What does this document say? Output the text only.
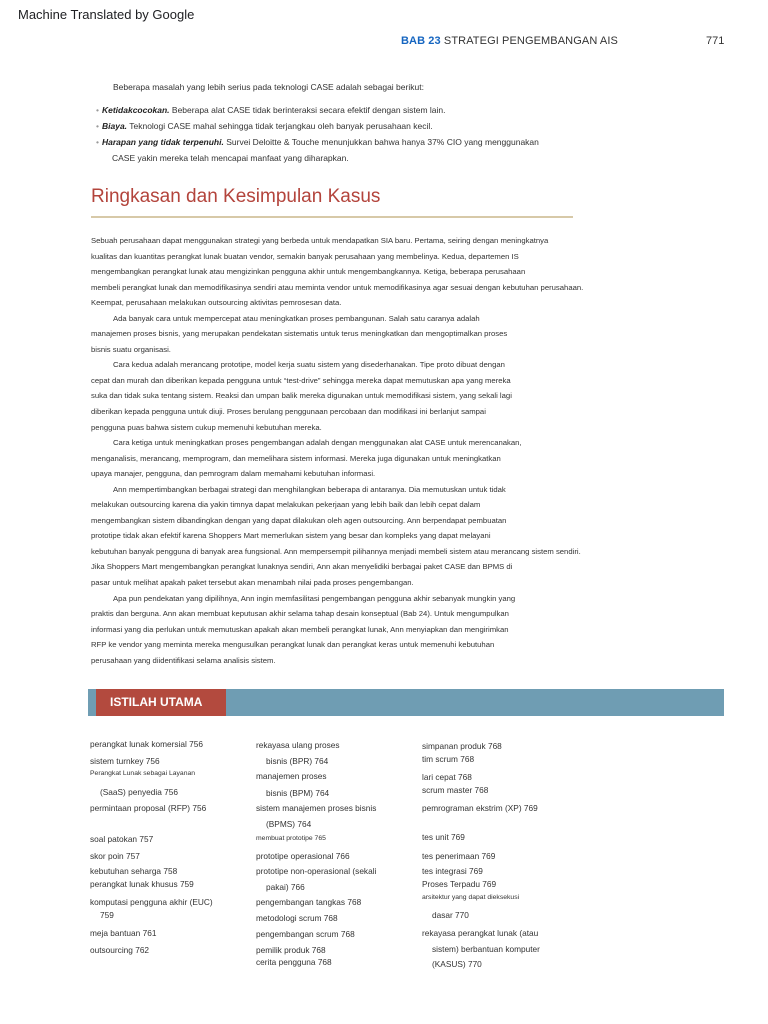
Machine Translated by Google
BAB 23 STRATEGI PENGEMBANGAN AIS	771
Beberapa masalah yang lebih serius pada teknologi CASE adalah sebagai berikut:
• Ketidakcocokan. Beberapa alat CASE tidak berinteraksi secara efektif dengan sistem lain.
• Biaya. Teknologi CASE mahal sehingga tidak terjangkau oleh banyak perusahaan kecil.
• Harapan yang tidak terpenuhi. Survei Deloitte & Touche menunjukkan bahwa hanya 37% CIO yang menggunakan
CASE yakin mereka telah mencapai manfaat yang diharapkan.
Ringkasan dan Kesimpulan Kasus

Sebuah perusahaan dapat menggunakan strategi yang berbeda untuk mendapatkan SIA baru. Pertama, seiring dengan meningkatnya

kualitas dan kuantitas perangkat lunak buatan vendor, semakin banyak perusahaan yang membelinya. Kedua, departemen IS

mengembangkan perangkat lunak atau mengizinkan pengguna akhir untuk mengembangkannya. Ketiga, beberapa perusahaan

membeli perangkat lunak dan memodifikasinya sendiri atau meminta vendor untuk memodifikasinya agar sesuai dengan kebutuhan perusahaan.

Keempat, perusahaan melakukan outsourcing aktivitas pemrosesan data.

Ada banyak cara untuk mempercepat atau meningkatkan proses pembangunan. Salah satu caranya adalah

manajemen proses bisnis, yang merupakan pendekatan sistematis untuk terus meningkatkan dan mengoptimalkan proses

bisnis suatu organisasi.

Cara kedua adalah merancang prototipe, model kerja suatu sistem yang disederhanakan. Tipe proto dibuat dengan

cepat dan murah dan diberikan kepada pengguna untuk “test-drive” sehingga mereka dapat memutuskan apa yang mereka

suka dan tidak suka tentang sistem. Reaksi dan umpan balik mereka digunakan untuk memodifikasi sistem, yang sekali lagi

diberikan kepada pengguna untuk diuji. Proses berulang penggunaan percobaan dan modifikasi ini berlanjut sampai

pengguna puas bahwa sistem cukup memenuhi kebutuhan mereka.

Cara ketiga untuk meningkatkan proses pengembangan adalah dengan menggunakan alat CASE untuk merencanakan,

menganalisis, merancang, memprogram, dan memelihara sistem informasi. Mereka juga digunakan untuk meningkatkan

upaya manajer, pengguna, dan pemrogram dalam memahami kebutuhan informasi.

Ann mempertimbangkan berbagai strategi dan menghilangkan beberapa di antaranya. Dia memutuskan untuk tidak

melakukan outsourcing karena dia yakin timnya dapat melakukan pekerjaan yang lebih baik dan lebih cepat dalam

mengembangkan sistem dibandingkan dengan yang dapat dilakukan oleh agen outsourcing. Ann berpendapat pembuatan

prototipe tidak akan efektif karena Shoppers Mart memerlukan sistem yang besar dan kompleks yang dapat melayani

kebutuhan banyak pengguna di banyak area fungsional. Ann mempersempit pilihannya menjadi membeli sistem atau merancang sistem sendiri.

Jika Shoppers Mart mengembangkan perangkat lunaknya sendiri, Ann akan menyelidiki berbagai paket CASE dan BPMS di

pasar untuk melihat apakah paket tersebut akan menambah nilai pada proses pengembangan.

Apa pun pendekatan yang dipilihnya, Ann ingin memfasilitasi pengembangan pengguna akhir sebanyak mungkin yang

praktis dan berguna. Ann akan membuat keputusan akhir selama tahap desain konseptual (Bab 24). Untuk mengumpulkan

informasi yang dia perlukan untuk memutuskan apakah akan membeli perangkat lunak, Ann menyiapkan dan mengirimkan

RFP ke vendor yang meminta mereka mengusulkan perangkat lunak dan perangkat keras untuk memenuhi kebutuhan

perusahaan yang diidentifikasi selama analisis sistem.

ISTILAH UTAMA
perangkat lunak komersial 756
sistem turnkey 756
Perangkat Lunak sebagai Layanan
(SaaS) penyedia 756
permintaan proposal (RFP) 756
soal patokan 757
skor poin 757
kebutuhan seharga 758
perangkat lunak khusus 759
komputasi pengguna akhir (EUC)
759
meja bantuan 761
outsourcing 762
rekayasa ulang proses
bisnis (BPR) 764
manajemen proses
bisnis (BPM) 764
sistem manajemen proses bisnis
(BPMS) 764
membuat prototipe 765
prototipe operasional 766
prototipe non-operasional (sekali
pakai) 766
pengembangan tangkas 768
metodologi scrum 768
pengembangan scrum 768
pemilik produk 768
cerita pengguna 768
simpanan produk 768
tim scrum 768
lari cepat 768
scrum master 768
pemrograman ekstrim (XP) 769
tes unit 769
tes penerimaan 769
tes integrasi 769
Proses Terpadu 769
arsitektur yang dapat dieksekusi
dasar 770
rekayasa perangkat lunak (atau
sistem) berbantuan komputer
(KASUS) 770
